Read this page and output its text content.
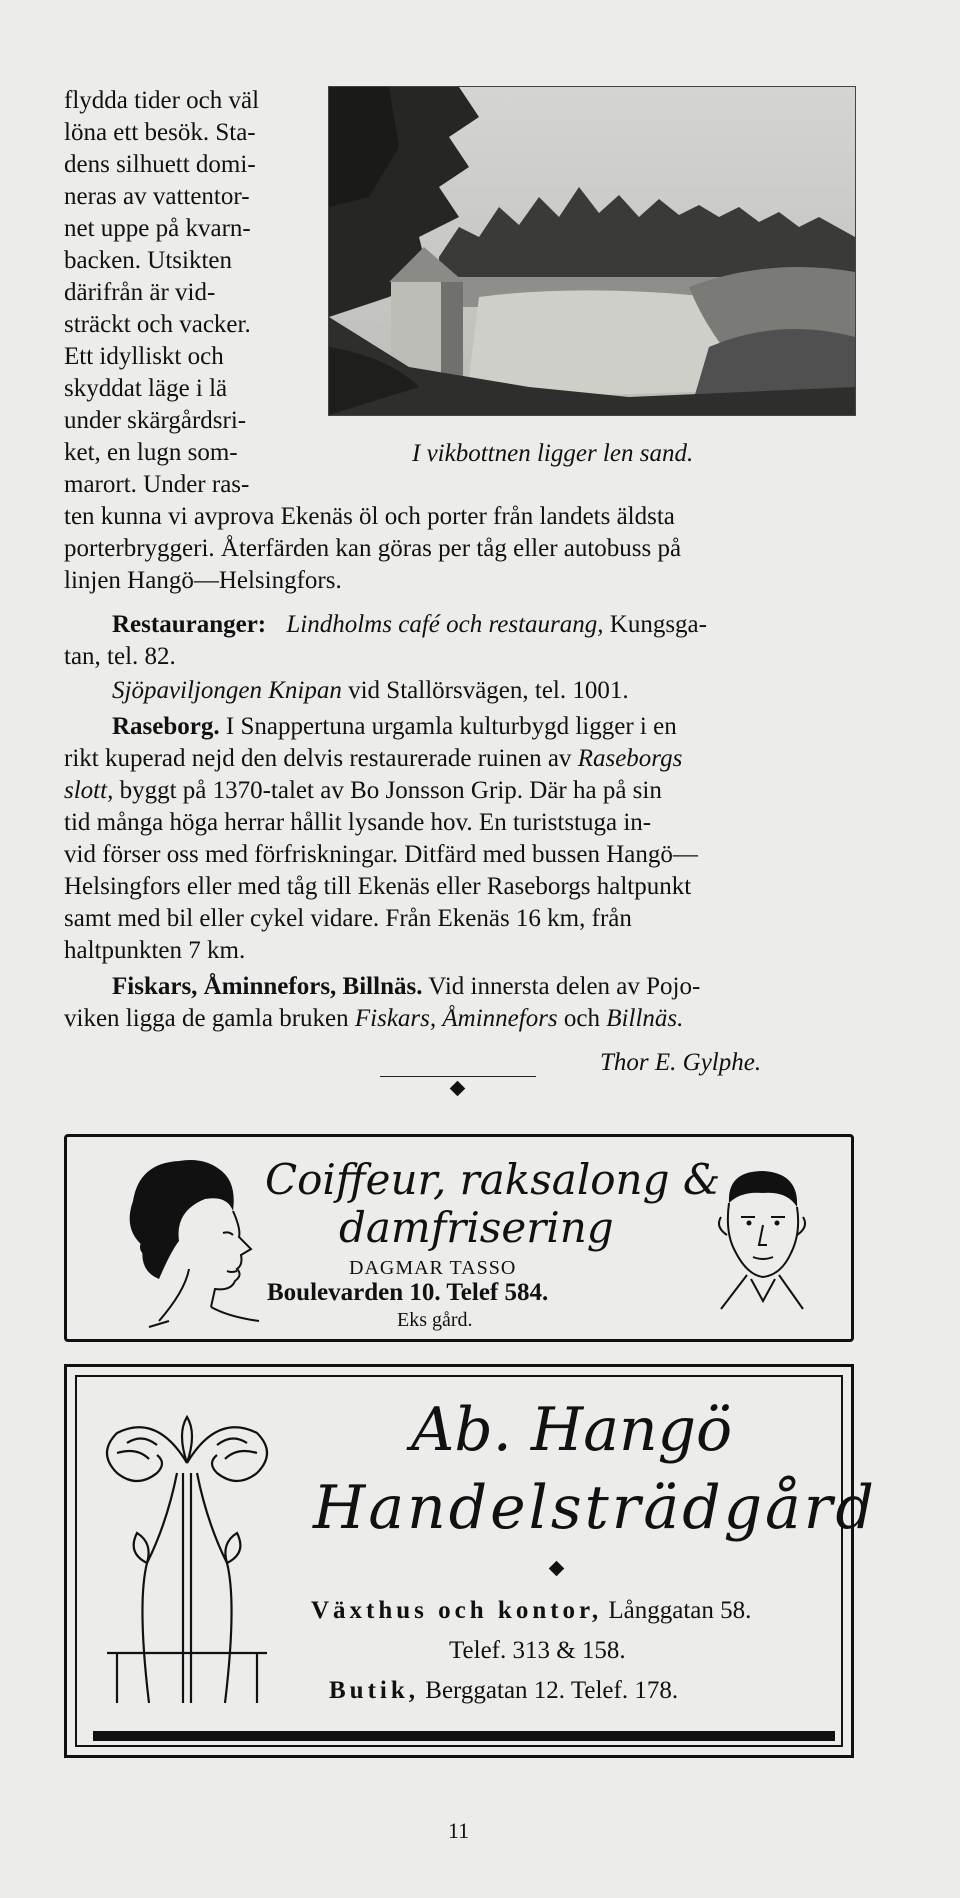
flydda tider och väl
löna ett besök. Sta-
dens silhuett domi-
neras av vattentor-
net uppe på kvarn-
backen. Utsikten
därifrån är vid-
sträckt och vacker.
Ett idylliskt och
skyddat läge i lä
under skärgårdsri-
ket, en lugn som-
marort. Under ras-
I vikbottnen ligger len sand.
ten kunna vi avprova Ekenäs öl och porter från landets äldsta
porterbryggeri. Återfärden kan göras per tåg eller autobuss på
linjen Hangö—Helsingfors.
Restauranger: Lindholms café och restaurang, Kungsga-
tan, tel. 82.
Sjöpaviljongen Knipan vid Stallörsvägen, tel. 1001.
Raseborg. I Snappertuna urgamla kulturbygd ligger i en
rikt kuperad nejd den delvis restaurerade ruinen av Raseborgs
slott, byggt på 1370-talet av Bo Jonsson Grip. Där ha på sin
tid många höga herrar hållit lysande hov. En turiststuga in-
vid förser oss med förfriskningar. Ditfärd med bussen Hangö—
Helsingfors eller med tåg till Ekenäs eller Raseborgs haltpunkt
samt med bil eller cykel vidare. Från Ekenäs 16 km, från
haltpunkten 7 km.
Fiskars, Åminnefors, Billnäs. Vid innersta delen av Pojo-
viken ligga de gamla bruken Fiskars, Åminnefors och Billnäs.
Thor E. Gylphe.
Coiffeur, raksalong &
damfrisering
DAGMAR TASSO
Boulevarden 10. Telef 584.
Eks gård.
Ab. Hangö
Handelsträdgård
Växthus och kontor, Långgatan 58.
Telef. 313 & 158.
Butik, Berggatan 12. Telef. 178.
11
